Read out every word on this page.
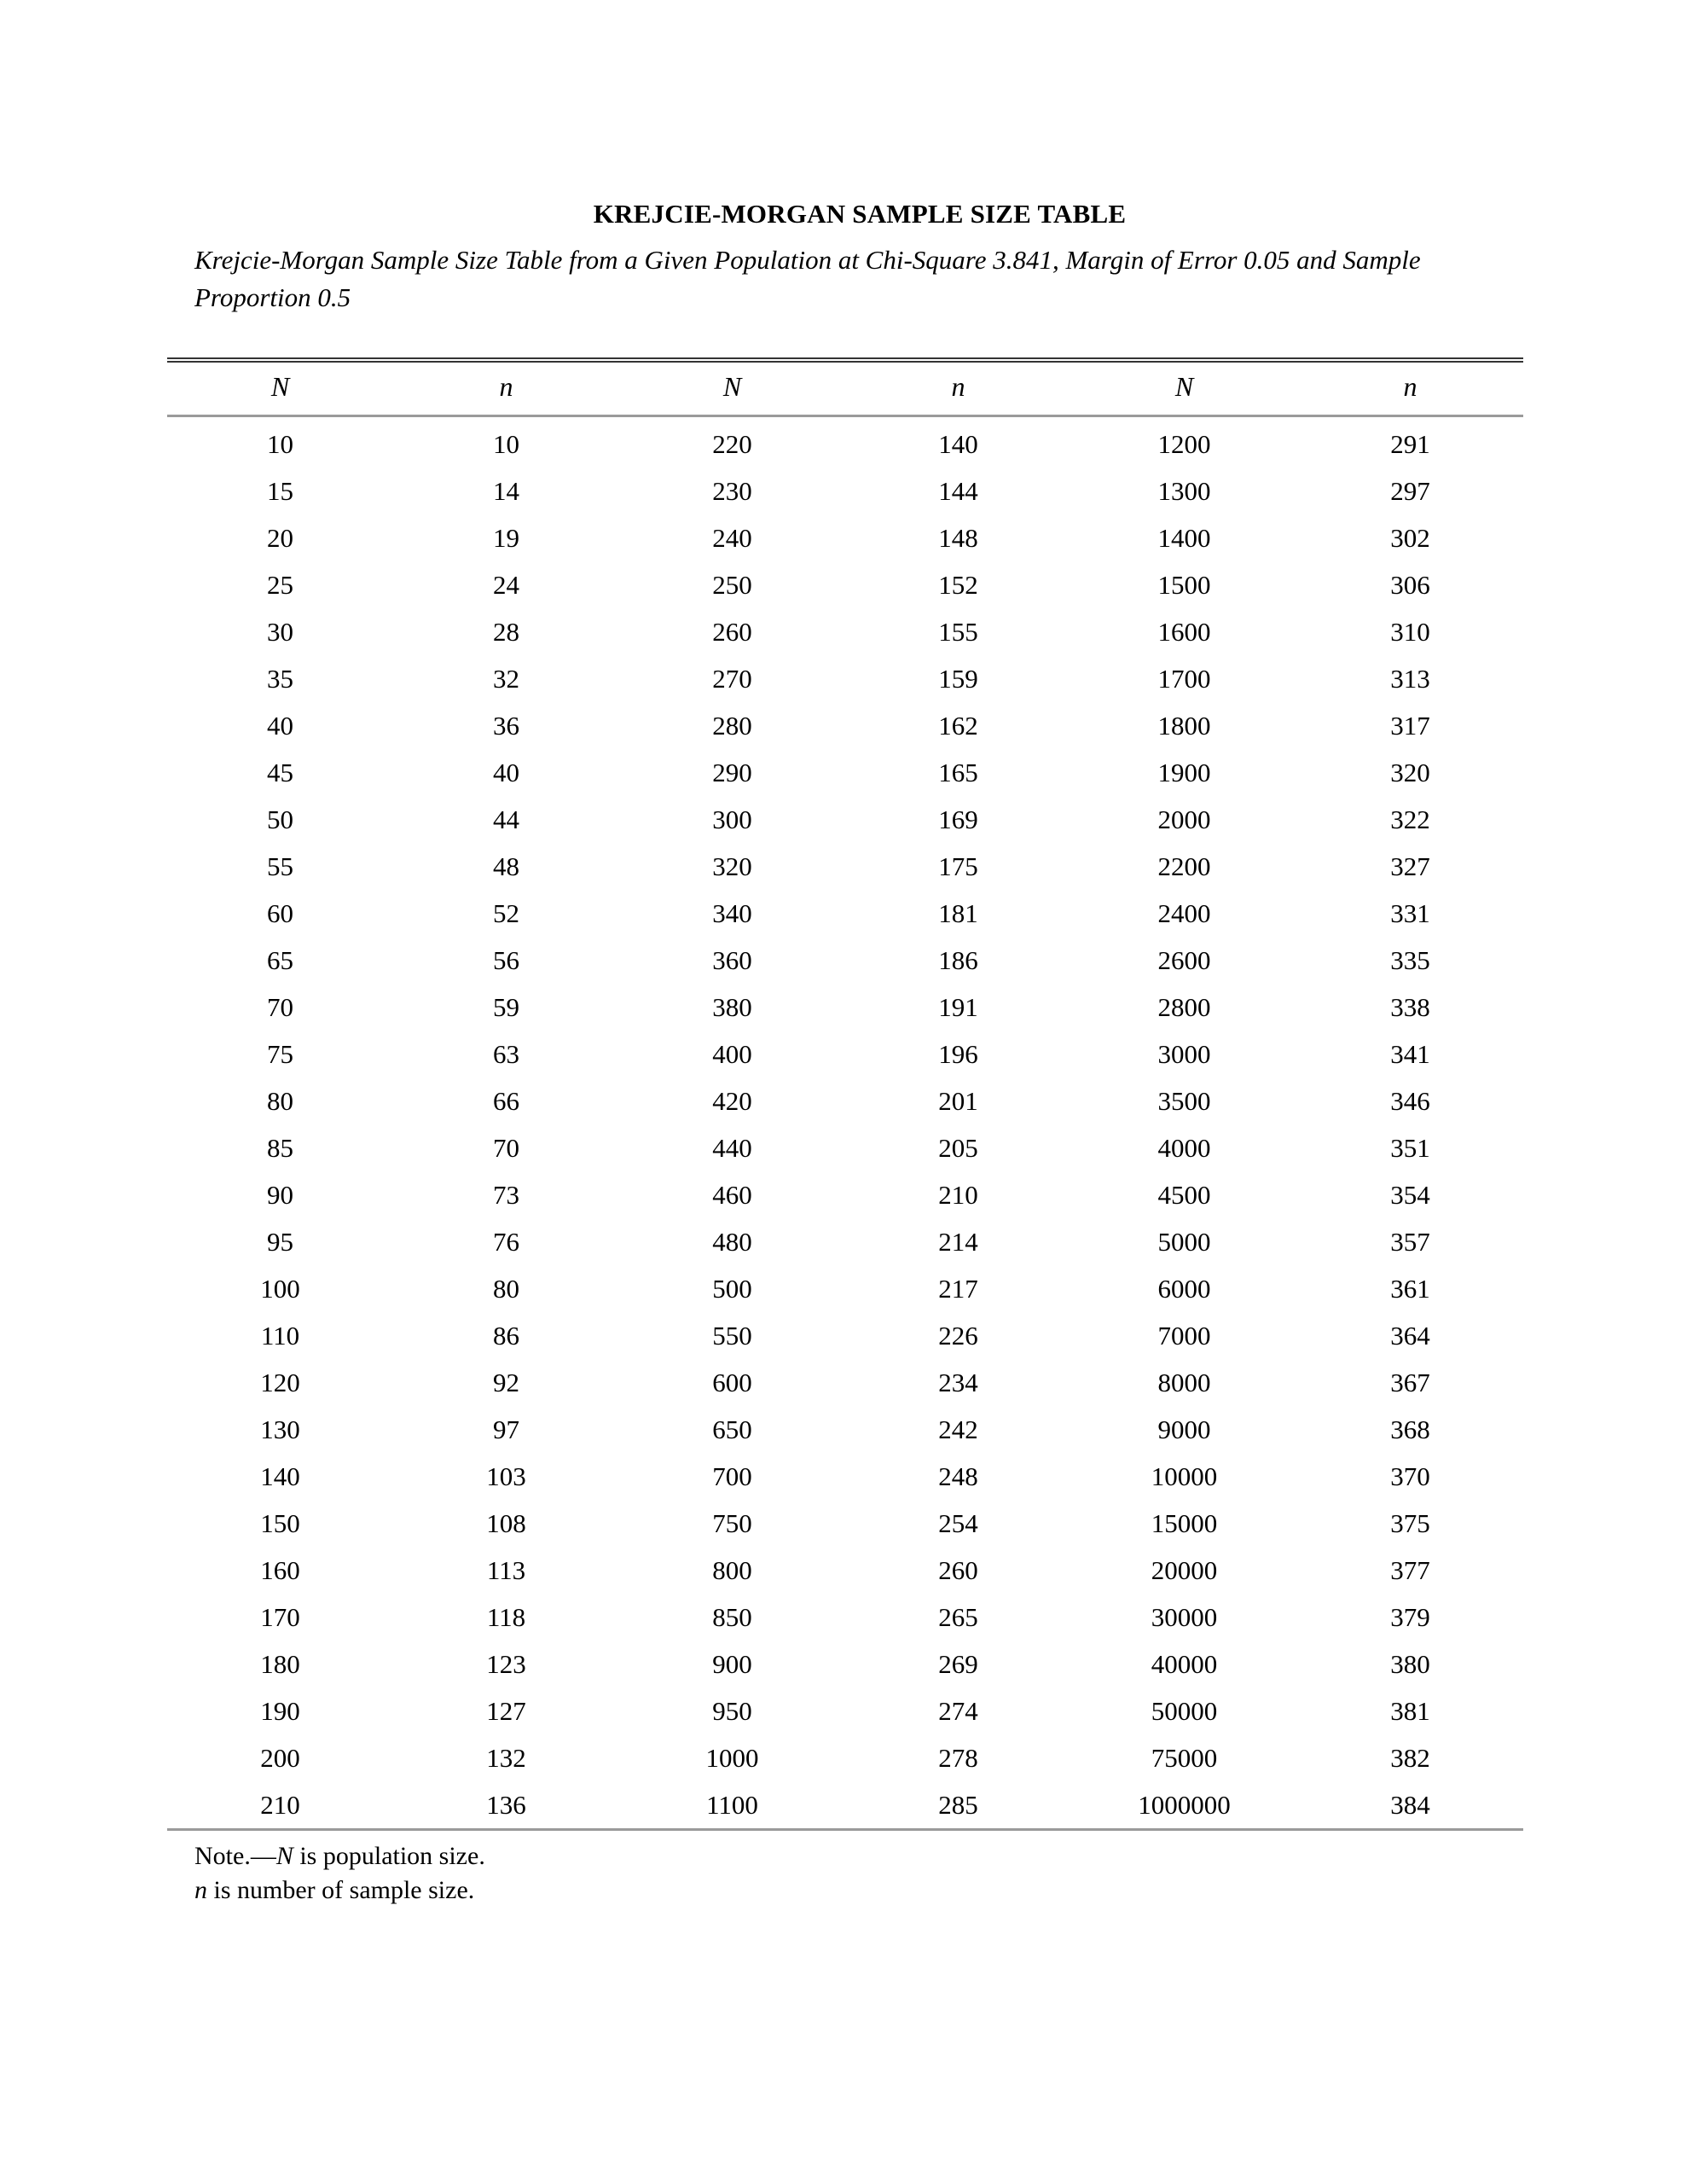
KREJCIE-MORGAN SAMPLE SIZE TABLE
Krejcie-Morgan Sample Size Table from a Given Population at Chi-Square 3.841, Margin of Error 0.05 and Sample Proportion 0.5
N	n	N	n	N	n
10	10	220	140	1200	291
15	14	230	144	1300	297
20	19	240	148	1400	302
25	24	250	152	1500	306
30	28	260	155	1600	310
35	32	270	159	1700	313
40	36	280	162	1800	317
45	40	290	165	1900	320
50	44	300	169	2000	322
55	48	320	175	2200	327
60	52	340	181	2400	331
65	56	360	186	2600	335
70	59	380	191	2800	338
75	63	400	196	3000	341
80	66	420	201	3500	346
85	70	440	205	4000	351
90	73	460	210	4500	354
95	76	480	214	5000	357
100	80	500	217	6000	361
110	86	550	226	7000	364
120	92	600	234	8000	367
130	97	650	242	9000	368
140	103	700	248	10000	370
150	108	750	254	15000	375
160	113	800	260	20000	377
170	118	850	265	30000	379
180	123	900	269	40000	380
190	127	950	274	50000	381
200	132	1000	278	75000	382
210	136	1100	285	1000000	384
Note.—N is population size.
n is number of sample size.
